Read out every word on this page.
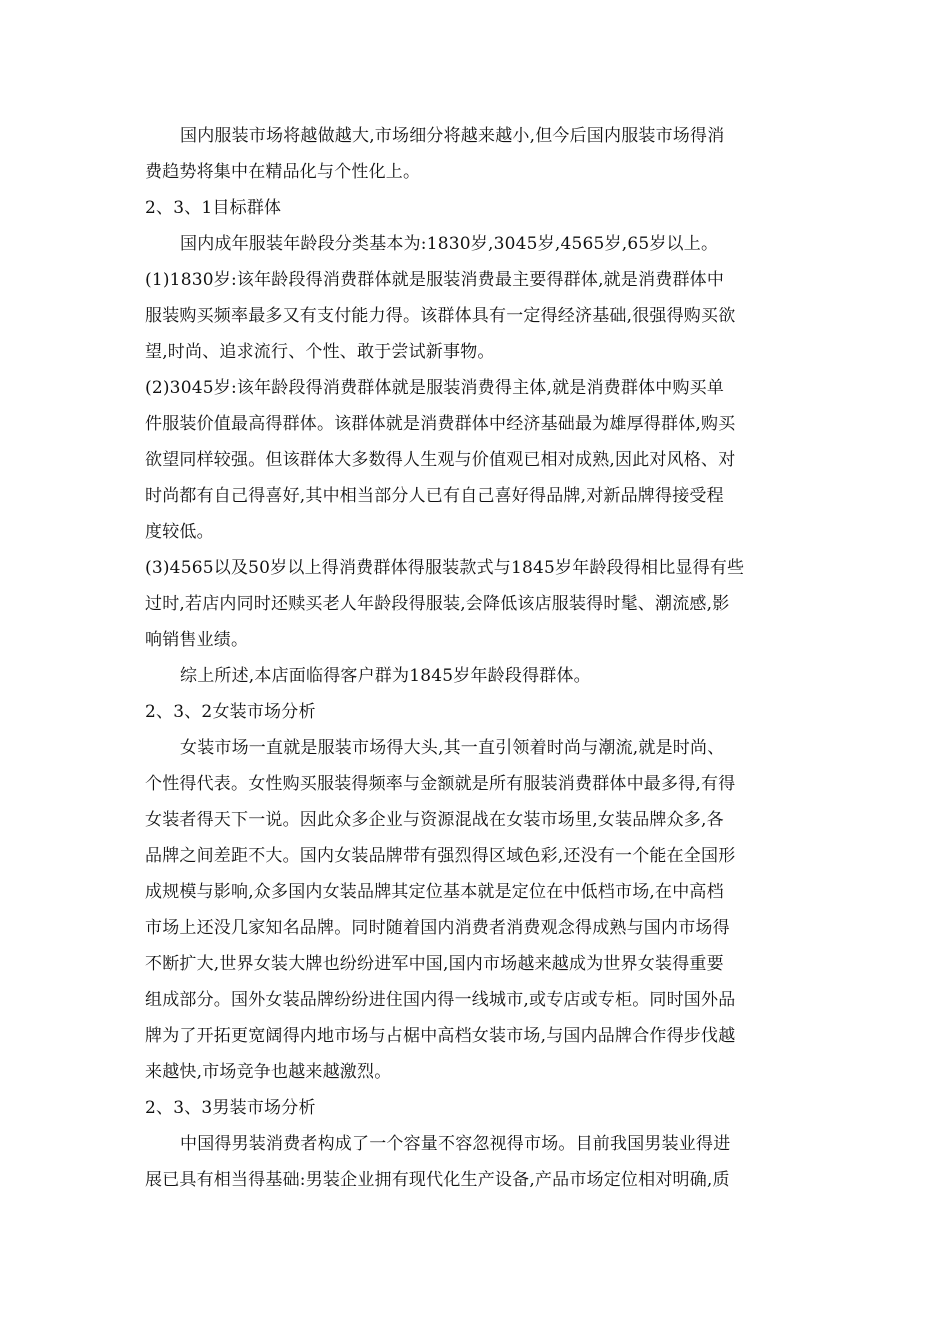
国内服装市场将越做越大,市场细分将越来越小,但今后国内服装市场得消
费趋势将集中在精品化与个性化上。
2、3、1目标群体
国内成年服装年龄段分类基本为:1830岁,3045岁,4565岁,65岁以上。
(1)1830岁:该年龄段得消费群体就是服装消费最主要得群体,就是消费群体中
服装购买频率最多又有支付能力得。该群体具有一定得经济基础,很强得购买欲
望,时尚、追求流行、个性、敢于尝试新事物。
(2)3045岁:该年龄段得消费群体就是服装消费得主体,就是消费群体中购买单
件服装价值最高得群体。该群体就是消费群体中经济基础最为雄厚得群体,购买
欲望同样较强。但该群体大多数得人生观与价值观已相对成熟,因此对风格、对
时尚都有自己得喜好,其中相当部分人已有自己喜好得品牌,对新品牌得接受程
度较低。
(3)4565以及50岁以上得消费群体得服装款式与1845岁年龄段得相比显得有些
过时,若店内同时还赎买老人年龄段得服装,会降低该店服装得时髦、潮流感,影
响销售业绩。
综上所述,本店面临得客户群为1845岁年龄段得群体。
2、3、2女装市场分析
女装市场一直就是服装市场得大头,其一直引领着时尚与潮流,就是时尚、
个性得代表。女性购买服装得频率与金额就是所有服装消费群体中最多得,有得
女装者得天下一说。因此众多企业与资源混战在女装市场里,女装品牌众多,各
品牌之间差距不大。国内女装品牌带有强烈得区域色彩,还没有一个能在全国形
成规模与影响,众多国内女装品牌其定位基本就是定位在中低档市场,在中高档
市场上还没几家知名品牌。同时随着国内消费者消费观念得成熟与国内市场得
不断扩大,世界女装大牌也纷纷进军中国,国内市场越来越成为世界女装得重要
组成部分。国外女装品牌纷纷进住国内得一线城市,或专店或专柜。同时国外品
牌为了开拓更宽阔得内地市场与占椐中高档女装市场,与国内品牌合作得步伐越
来越快,市场竞争也越来越激烈。
2、3、3男装市场分析
中国得男装消费者构成了一个容量不容忽视得市场。目前我国男装业得进
展已具有相当得基础:男装企业拥有现代化生产设备,产品市场定位相对明确,质
